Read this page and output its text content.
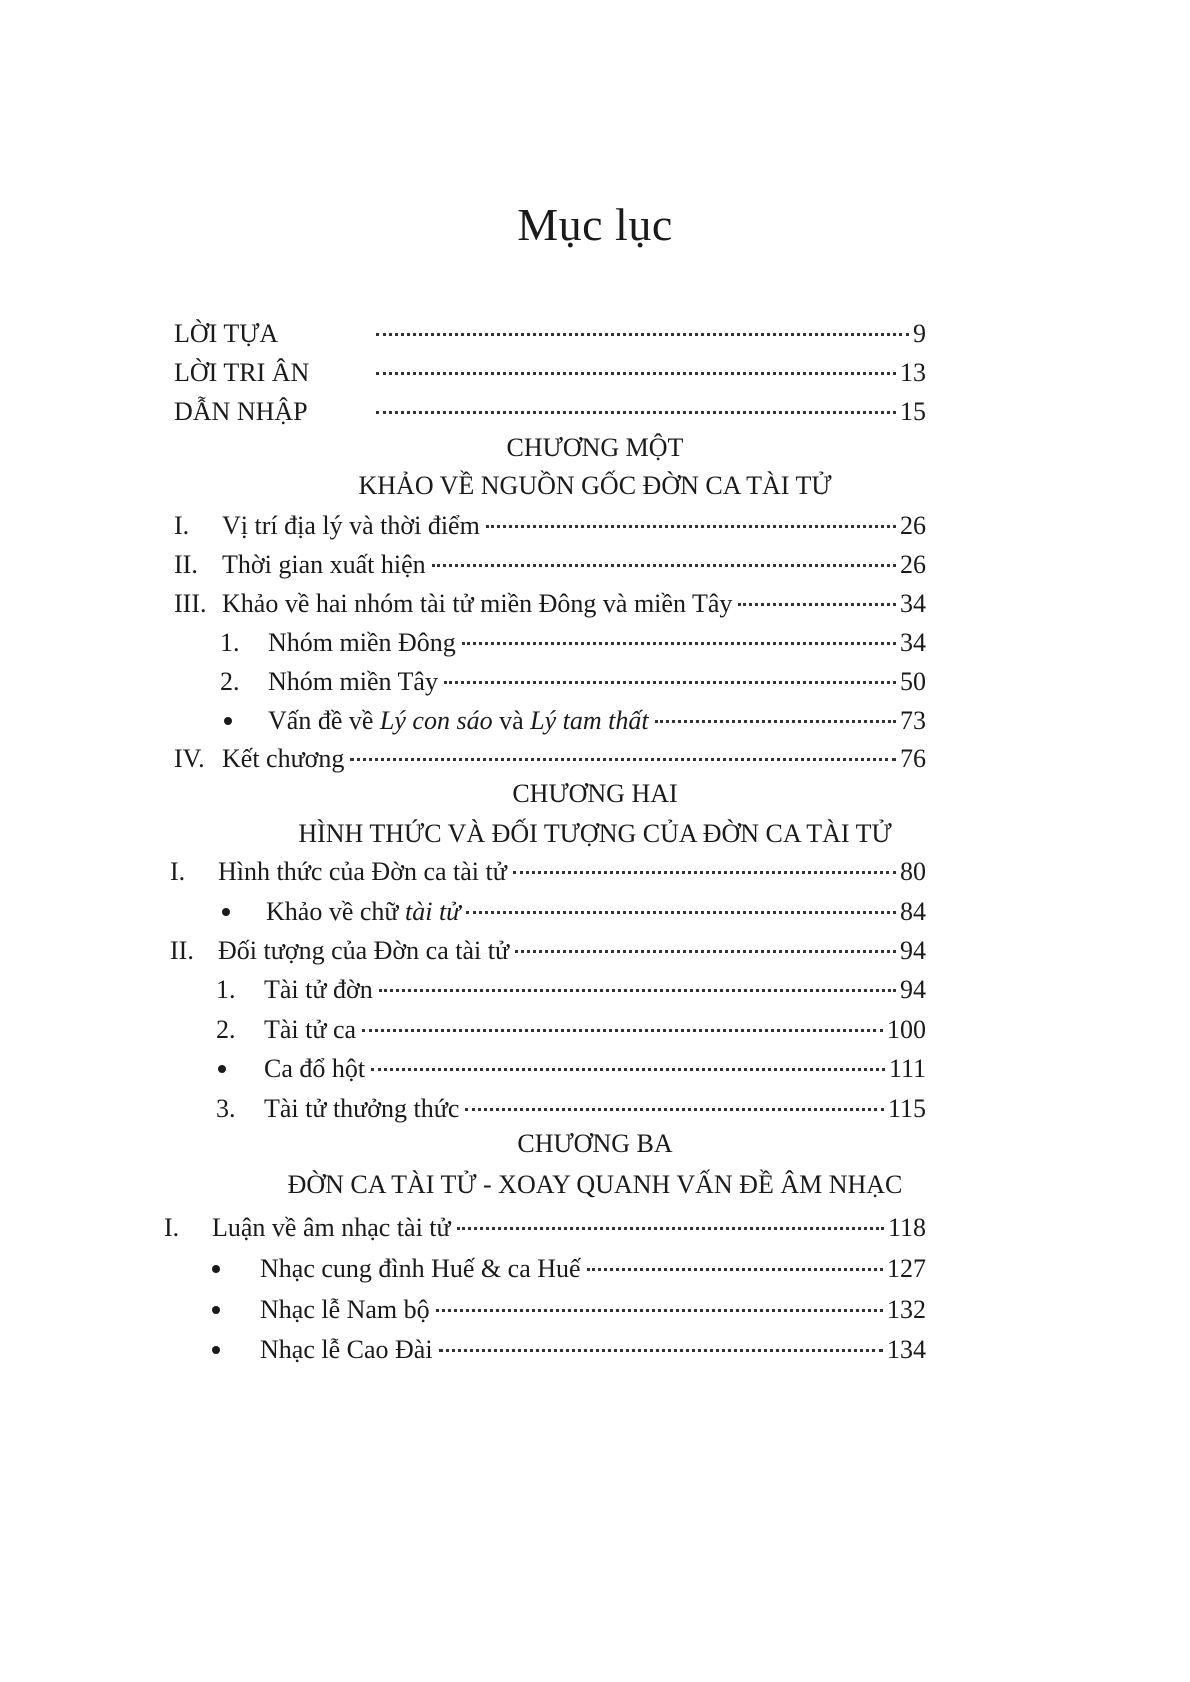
Mục lục
LỜI TỰA	9
LỜI TRI ÂN	13
DẪN NHẬP	15
CHƯƠNG MỘT
KHẢO VỀ NGUỒN GỐC ĐỜN CA TÀI TỬ
I.	Vị trí địa lý và thời điểm	26
II. Thời gian xuất hiện	26
III. Khảo về hai nhóm tài tử miền Đông và miền Tây	34
1.	Nhóm miền Đông	34
2.	Nhóm miền Tây	50
Vấn đề về Lý con sáo và Lý tam thất	73
IV. Kết chương	76
CHƯƠNG HAI
HÌNH THỨC VÀ ĐỐI TƯỢNG CỦA ĐỜN CA TÀI TỬ
I.	Hình thức của Đờn ca tài tử	80
Khảo về chữ tài tử	84
II. Đối tượng của Đờn ca tài tử	94
1.	Tài tử đờn	94
2.	Tài tử ca	100
Ca đổ hột	111
3.	Tài tử thưởng thức	115
CHƯƠNG BA
ĐỜN CA TÀI TỬ - XOAY QUANH VẤN ĐỀ ÂM NHẠC
I.	Luận về âm nhạc tài tử	118
Nhạc cung đình Huế & ca Huế	127
Nhạc lễ Nam bộ	132
Nhạc lễ Cao Đài	134
